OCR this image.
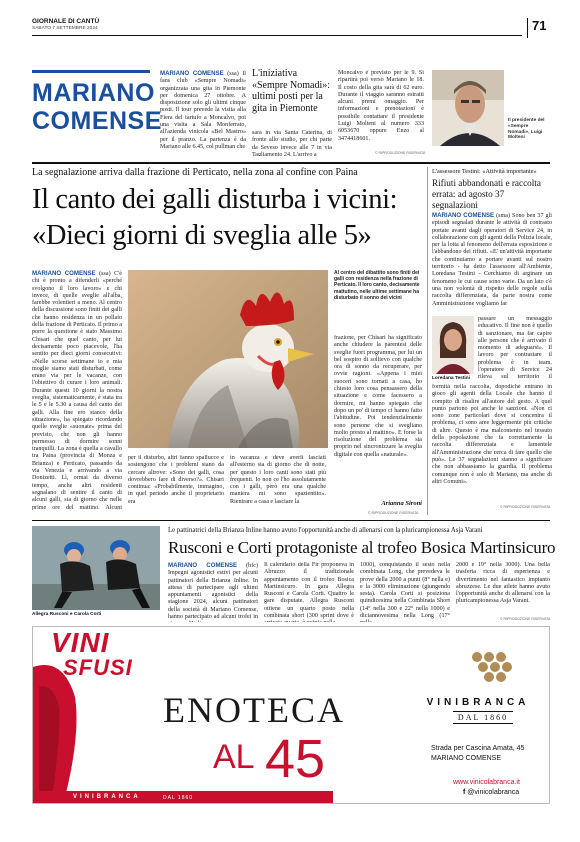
GIORNALE DI CANTÙ
SABATO 7 SETTEMBRE 2024	71
MARIANO
COMENSE
MARIANO COMENSE (ssa) Il fans club «Sempre Nomadi» organizzata una gita in Piemonte per domenica 27 ottobre. A disposizione solo gli ultimi cinque posti. Il tour prevede la visita alla Fiera del tartufo a Moncalvo, poi una visita a Sala Monferrato, all'azienda vinicola «Bel Mastro» per il pranzo. La partenza è da Mariano alle 6.45, col pullman che
L'iniziativa «Sempre Nomadi»: ultimi posti per la gita in Piemonte
sarà in via Santa Caterina, di fronte allo studio, per chi parte da Seveso invece alle 7 in via Tagliamento 24. L'arrivo a
Moncalvo è previsto per le 9. Si ripartirà poi verso Mariano le 18. Il costo della gita sarà di 62 euro. Durante il viaggio saranno estratti alcuni premi omaggio. Per informazioni e prenotazioni è possibile contattare il presidente Luigi Molteni al numero 333 6053670 oppure Enzo al 3474418601.
© RIPRODUZIONE RISERVATA
Il presidente del «Sempre Nomadi», Luigi Molteni
La segnalazione arriva dalla frazione di Perticato, nella zona al confine con Paina
Il canto dei galli disturba i vicini:
«Dieci giorni di sveglia alle 5»
MARIANO COMENSE (ssa) C'è chi è pronto a difenderli «perché svolgono il loro lavoro» e chi invece, di quelle sveglie all'alba, farebbe volentieri a meno. Al centro della discussione sono finiti dei galli che hanno residenza in un pollaio della frazione di Perticato. Il primo a porre la questione è stato Massimo Chisari che quel canto, per lui decisamente poco piacevole, l'ha sentito per dieci giorni consecutivi: «Nelle scorse settimane io e mia moglie siamo stati disturbati, come erano via per le vacanze, con l'obiettivo di curare i loro animali. Durante questi 10 giorni la nostra sveglia, sistematicamente, è stata tra le 5 e le 5.30 a causa del canto dei galli. Alla fine ero stanco della situazione», ha spiegato ricordando quelle sveglie «suonate» prima del previsto, che non gli hanno permesso di dormire sonni tranquilli. La zona è quella a cavallo tra Paina (provincia di Monza e Brianza) e Perticato, passando da via Venezia e arrivando a via Donizetti. Lì, ormai da diverso tempo, anche altri residenti segnalano di sentire il canto di alcuni galli, sia di giorno che nelle prime ore del mattino. Alcuni
per il disturbo, altri fanno spallucce e sostengono che i problemi siano da cercare altrove: «Sono dei galli, cosa dovrebbero fare di diverso?». Chisari continua: «Probabilmente, immagino, in quel periodo anche il proprietario era
in vacanza e deve averli lasciati all'esterno sia di giorno che di notte, per questo i loro canti sono stati più frequenti. Io non ce l'ho assolutamente con i galli, però era una qualche maniera mi sono spazientito». Rientrare a casa e lasciare la
Al centro del dibattito sono finiti dei galli con residenza nella frazione di Perticato. Il loro canto, decisamente mattutino, nelle ultime settimane ha disturbato il sonno dei vicini
frazione, per Chisari ha significato anche chiudere la parentesi delle sveglie fuori programma, per lui un bel sospiro di sollievo con qualche ora di sonno da recuperare, per ovvie ragioni. «Appena i miei suoceri sono tornati a casa, ho chiesto loro cosa pensassero della situazione e come facessero a dormire, mi hanno spiegato che dopo un po' di tempo ci hanno fatto l'abitudine. Poi tendenzialmente sono persone che si svegliano molto presto al mattino». E forse la risoluzione del problema sta proprio nel sincronizzare la sveglia digitale con quella «naturale».
Arianna Sironi
© RIPRODUZIONE RISERVATA
L'assessore Testini: «Attività importante»
Rifiuti abbandonati e raccolta errata: ad agosto 37 segnalazioni
MARIANO COMENSE (sma) Sono ben 37 gli episodi segnalati durante le attività di contrasto portate avanti dagli operatori di Service 24, in collaborazione con gli agenti della Polizia locale, per la lotta al fenomeno dell'errata esposizione e l'abbandono dei rifiuti. «E' un'attività importante che continuiamo a portare avanti sul nostro territorio - ha detto l'assessore all'Ambiente, Loredana Testini - Cerchiamo di arginare un fenomeno le cui cause sono varie. Da un lato c'è una non volontà di rispetto delle regole sulla raccolta differenziata, da parte nostra come Amministrazione vogliamo far
Loredana Testini
passare un messaggio educativo. Il fine non è quello di sanzionare, ma far capire alle persone che è arrivato il momento di adeguarsi». Il lavoro per contrastare il problema è in team. l'operatore di Service 24 rileva sul territorio il
formità nella raccolta, dopodiché entrano in gioco gli agenti della Locale che hanno il compito di risalire all'autore del gesto. A quel punto partono poi anche le sanzioni. «Non ci sono zone particolari dove si concentra il problema, ci sono aree leggermente più critiche di altre. Questo è ma malcontento nel tessuto della popolazione che fa correttamente la raccolta differenziata e lamentele all'Amministrazione che cerca di fare quello che può». Le 37 segnalazioni stanno a significare che non abbassiamo la guardia. Il problema comunque non è solo di Mariano, ma anche di altri Comuni».
© RIPRODUZIONE RISERVATA
Allegra Rusconi e Carola Corti
Le pattinatrici della Brianza Inline hanno avuto l'opportunità anche di allenarsi con la pluricampionessa Asja Varani
Rusconi e Corti protagoniste al trofeo Bosica Martinsicuro
MARIANO COMENSE (bfc) Impegni agonistici estivi per alcuni pattinatori della Brianza Inline. In attesa di partecipare agli ultimi appuntamenti agonistici della stagione 2024, alcuni pattinatori della società di Mariano Comense, hanno partecipato ad alcuni trofei in
Il calendario della Fir proponeva in Abruzzo il tradizionale appuntamento con il trofeo Bosica Martinsicuro. In gara Allegra Rusconi e Carola Corti. Quattro le gare disputate. Allegra Rusconi ottiene un quarto posto nella combinata short (300 sprint dove è
1000), conquistando il sesto nella combinata Long, che prevedeva le prove della 2000 a punti (8° nella e) e la 3000 eliminazione (giungendo sesta). Carola Corti si posiziona quindicesima nella Combinata Short (14° nella 300 e 22° nella 1000) e diciannovesima nella Long (17°
2000 e 19° nella 3000). Una bella trasferta ricca di esperienza e divertimento nel fantastico impianto abruzzese. Le due atlete hanno avuto l'opportunità anche di allenarsi con la pluricampionessa Asja Varani.
© RIPRODUZIONE RISERVATA
VINI
SFUSI
ENOTECA
AL 45
VINIBRANCA
DAL 1860
Strada per Cascina Amata, 45
MARIANO COMENSE
www.vinicolabranca.it
f @vinicolabranca
VINIBRANCA	DAL 1860
